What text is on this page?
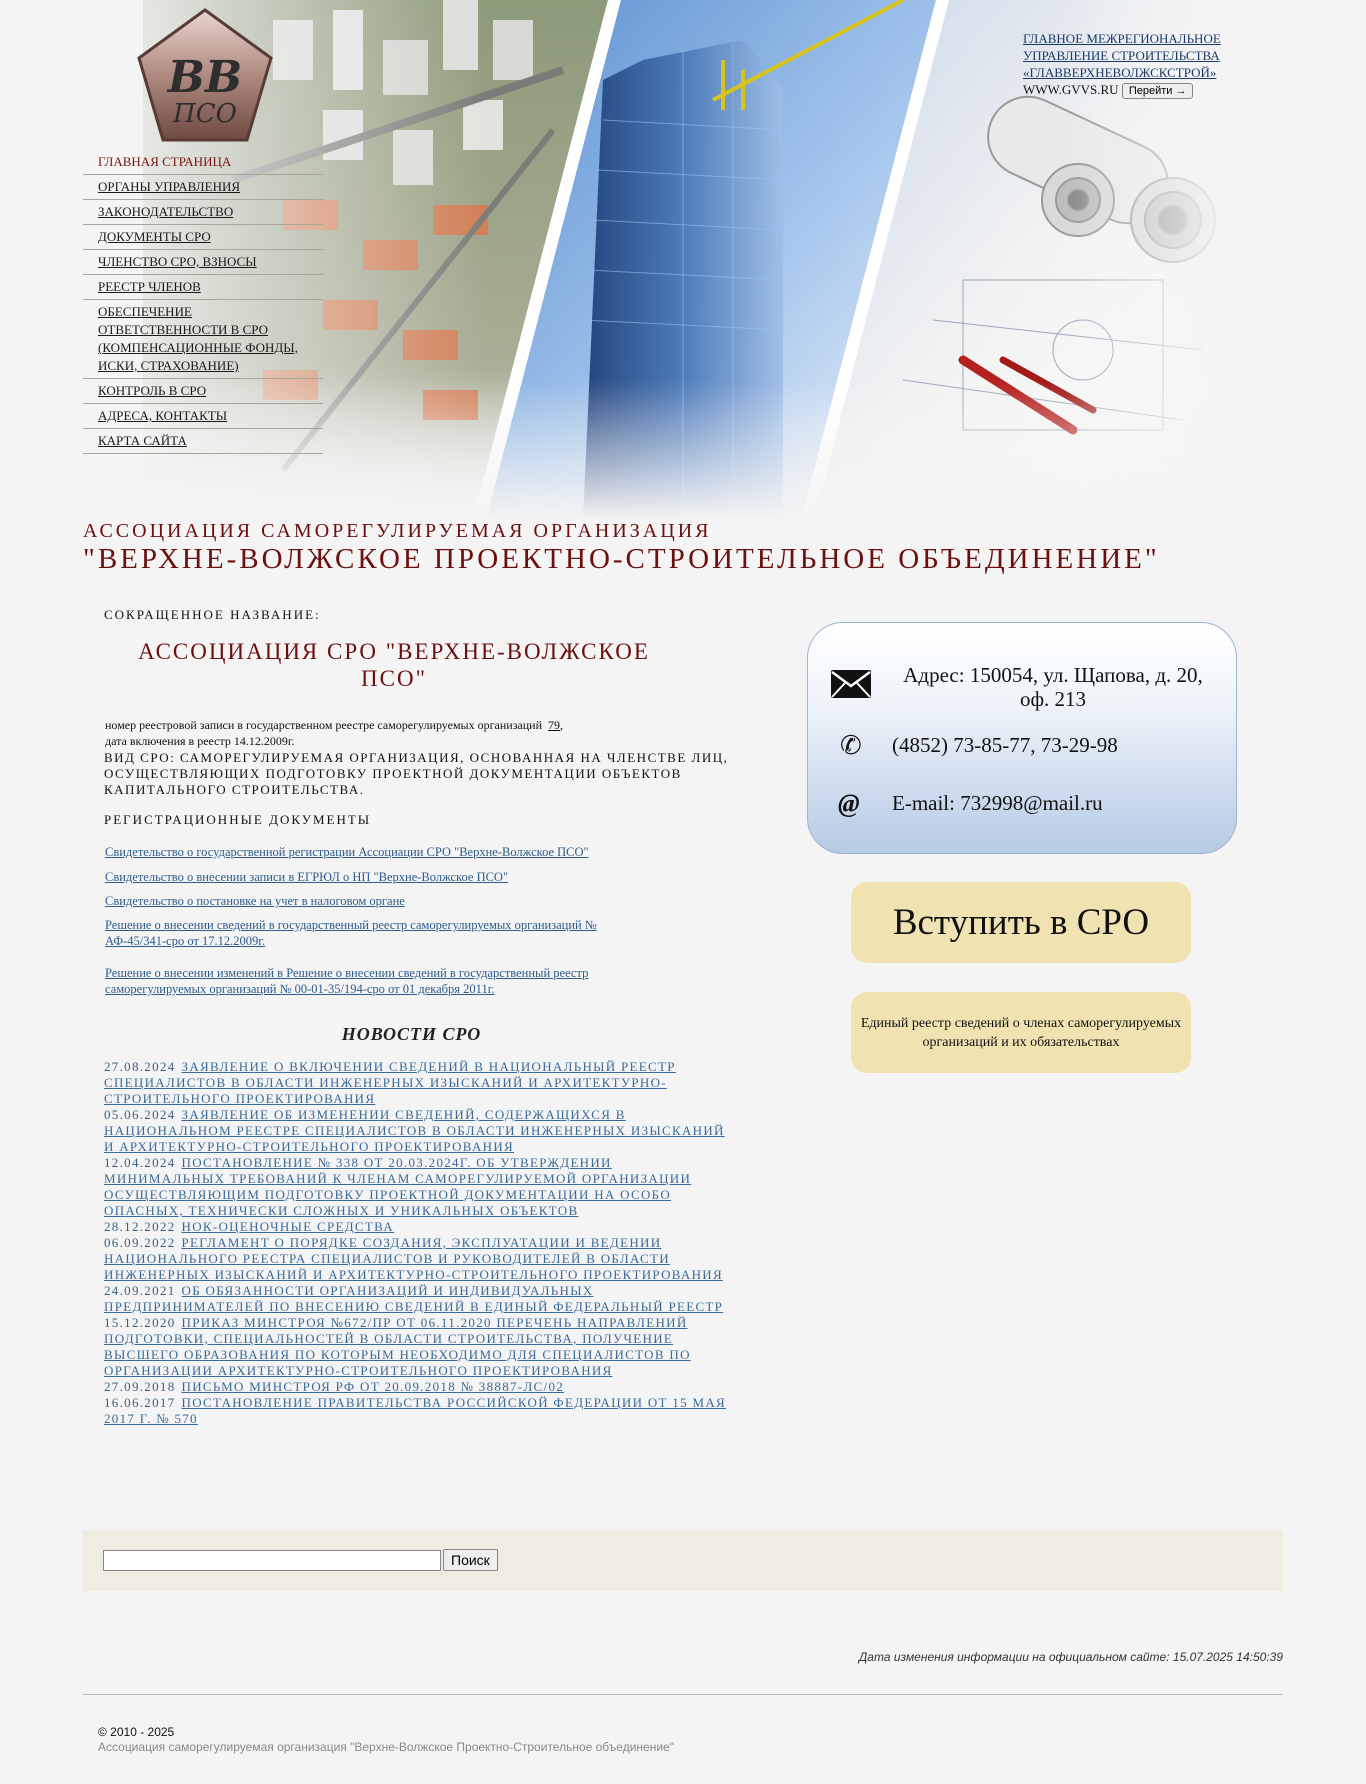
ВВ
ПСО
ГЛАВНАЯ СТРАНИЦА
ОРГАНЫ УПРАВЛЕНИЯ
ЗАКОНОДАТЕЛЬСТВО
ДОКУМЕНТЫ СРО
ЧЛЕНСТВО СРО, ВЗНОСЫ
РЕЕСТР ЧЛЕНОВ
ОБЕСПЕЧЕНИЕ ОТВЕТСТВЕННОСТИ В СРО (КОМПЕНСАЦИОННЫЕ ФОНДЫ, ИСКИ, СТРАХОВАНИЕ)
КОНТРОЛЬ В СРО
АДРЕСА, КОНТАКТЫ
КАРТА САЙТА
ГЛАВНОЕ МЕЖРЕГИОНАЛЬНОЕ
УПРАВЛЕНИЕ СТРОИТЕЛЬСТВА
«ГЛАВВЕРХНЕВОЛЖСКСТРОЙ»
WWW.GVVS.RU Перейти →
АССОЦИАЦИЯ САМОРЕГУЛИРУЕМАЯ ОРГАНИЗАЦИЯ
"ВЕРХНЕ-ВОЛЖСКОЕ ПРОЕКТНО-СТРОИТЕЛЬНОЕ ОБЪЕДИНЕНИЕ"
СОКРАЩЕННОЕ НАЗВАНИЕ:
АССОЦИАЦИЯ СРО "ВЕРХНЕ-ВОЛЖСКОЕ ПСО"
номер реестровой записи в государственном реестре саморегулируемых организаций 79,
дата включения в реестр 14.12.2009г.
ВИД СРО: САМОРЕГУЛИРУЕМАЯ ОРГАНИЗАЦИЯ, ОСНОВАННАЯ НА ЧЛЕНСТВЕ ЛИЦ, ОСУЩЕСТВЛЯЮЩИХ ПОДГОТОВКУ ПРОЕКТНОЙ ДОКУМЕНТАЦИИ ОБЪЕКТОВ КАПИТАЛЬНОГО СТРОИТЕЛЬСТВА.
РЕГИСТРАЦИОННЫЕ ДОКУМЕНТЫ
Свидетельство о государственной регистрации Ассоциации СРО "Верхне-Волжское ПСО"
Свидетельство о внесении записи в ЕГРЮЛ о НП "Верхне-Волжское ПСО"
Свидетельство о постановке на учет в налоговом органе
Решение о внесении сведений в государственный реестр саморегулируемых организаций № АФ-45/341-сро от 17.12.2009г.
Решение о внесении изменений в Решение о внесении сведений в государственный реестр саморегулируемых организаций № 00-01-35/194-сро от 01 декабря 2011г.
НОВОСТИ СРО
27.08.2024 ЗАЯВЛЕНИЕ О ВКЛЮЧЕНИИ СВЕДЕНИЙ В НАЦИОНАЛЬНЫЙ РЕЕСТР СПЕЦИАЛИСТОВ В ОБЛАСТИ ИНЖЕНЕРНЫХ ИЗЫСКАНИЙ И АРХИТЕКТУРНО-СТРОИТЕЛЬНОГО ПРОЕКТИРОВАНИЯ
05.06.2024 ЗАЯВЛЕНИЕ ОБ ИЗМЕНЕНИИ СВЕДЕНИЙ, СОДЕРЖАЩИХСЯ В НАЦИОНАЛЬНОМ РЕЕСТРЕ СПЕЦИАЛИСТОВ В ОБЛАСТИ ИНЖЕНЕРНЫХ ИЗЫСКАНИЙ И АРХИТЕКТУРНО-СТРОИТЕЛЬНОГО ПРОЕКТИРОВАНИЯ
12.04.2024 ПОСТАНОВЛЕНИЕ № 338 ОТ 20.03.2024Г. ОБ УТВЕРЖДЕНИИ МИНИМАЛЬНЫХ ТРЕБОВАНИЙ К ЧЛЕНАМ САМОРЕГУЛИРУЕМОЙ ОРГАНИЗАЦИИ ОСУЩЕСТВЛЯЮЩИМ ПОДГОТОВКУ ПРОЕКТНОЙ ДОКУМЕНТАЦИИ НА ОСОБО ОПАСНЫХ, ТЕХНИЧЕСКИ СЛОЖНЫХ И УНИКАЛЬНЫХ ОБЪЕКТОВ
28.12.2022 НОК-ОЦЕНОЧНЫЕ СРЕДСТВА
06.09.2022 РЕГЛАМЕНТ О ПОРЯДКЕ СОЗДАНИЯ, ЭКСПЛУАТАЦИИ И ВЕДЕНИИ НАЦИОНАЛЬНОГО РЕЕСТРА СПЕЦИАЛИСТОВ И РУКОВОДИТЕЛЕЙ В ОБЛАСТИ ИНЖЕНЕРНЫХ ИЗЫСКАНИЙ И АРХИТЕКТУРНО-СТРОИТЕЛЬНОГО ПРОЕКТИРОВАНИЯ
24.09.2021 ОБ ОБЯЗАННОСТИ ОРГАНИЗАЦИЙ И ИНДИВИДУАЛЬНЫХ ПРЕДПРИНИМАТЕЛЕЙ ПО ВНЕСЕНИЮ СВЕДЕНИЙ В ЕДИНЫЙ ФЕДЕРАЛЬНЫЙ РЕЕСТР
15.12.2020 ПРИКАЗ МИНСТРОЯ №672/ПР ОТ 06.11.2020 ПЕРЕЧЕНЬ НАПРАВЛЕНИЙ ПОДГОТОВКИ, СПЕЦИАЛЬНОСТЕЙ В ОБЛАСТИ СТРОИТЕЛЬСТВА, ПОЛУЧЕНИЕ ВЫСШЕГО ОБРАЗОВАНИЯ ПО КОТОРЫМ НЕОБХОДИМО ДЛЯ СПЕЦИАЛИСТОВ ПО ОРГАНИЗАЦИИ АРХИТЕКТУРНО-СТРОИТЕЛЬНОГО ПРОЕКТИРОВАНИЯ
27.09.2018 ПИСЬМО МИНСТРОЯ РФ ОТ 20.09.2018 № 38887-ЛС/02
16.06.2017 ПОСТАНОВЛЕНИЕ ПРАВИТЕЛЬСТВА РОССИЙСКОЙ ФЕДЕРАЦИИ ОТ 15 МАЯ 2017 Г. № 570
Адрес: 150054, ул. Щапова, д. 20, оф. 213
✆ (4852) 73-85-77, 73-29-98
@ E-mail: 732998@mail.ru
Вступить в СРО
Единый реестр сведений о членах саморегулируемых организаций и их обязательствах
Поиск
Дата изменения информации на официальном сайте: 15.07.2025 14:50:39
© 2010 - 2025
Ассоциация саморегулируемая организация "Верхне-Волжское Проектно-Строительное объединение"
